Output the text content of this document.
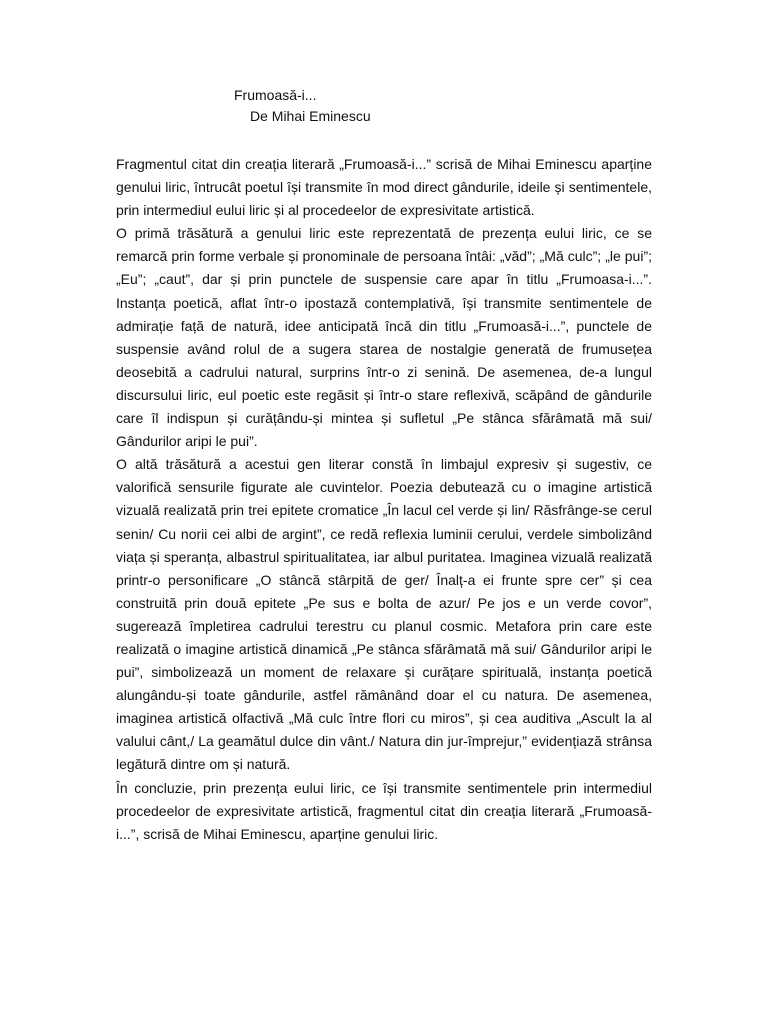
Frumoasă-i...
De Mihai Eminescu

Fragmentul citat din creația literară „Frumoasă-i...” scrisă de Mihai Eminescu aparține genului liric, întrucât poetul își transmite în mod direct gândurile, ideile și sentimentele, prin intermediul eului liric și al procedeelor de expresivitate artistică.

O primă trăsătură a genului liric este reprezentată de prezența eului liric, ce se remarcă prin forme verbale și pronominale de persoana întâi: „văd”; „Mă culc”; „le pui”; „Eu”; „caut”, dar și prin punctele de suspensie care apar în titlu „Frumoasa-i...”. Instanța poetică, aflat într-o ipostază contemplativă, își transmite sentimentele de admirație față de natură, idee anticipată încă din titlu „Frumoasă-i...”, punctele de suspensie având rolul de a sugera starea de nostalgie generată de frumusețea deosebită a cadrului natural, surprins într-o zi senină. De asemenea, de-a lungul discursului liric, eul poetic este regăsit și într-o stare reflexivă, scăpând de gândurile care îl indispun și curățându-și mintea și sufletul „Pe stânca sfărâmată mă sui/ Gândurilor aripi le pui”.

O altă trăsătură a acestui gen literar constă în limbajul expresiv și sugestiv, ce valorifică sensurile figurate ale cuvintelor. Poezia debutează cu o imagine artistică vizuală realizată prin trei epitete cromatice „În lacul cel verde și lin/ Răsfrânge-se cerul senin/ Cu norii cei albi de argint”, ce redă reflexia luminii cerului, verdele simbolizând viața și speranța, albastrul spiritualitatea, iar albul puritatea. Imaginea vizuală realizată printr-o personificare „O stâncă stârpită de ger/ Înalț-a ei frunte spre cer” și cea construită prin două epitete „Pe sus e bolta de azur/ Pe jos e un verde covor”, sugerează împletirea cadrului terestru cu planul cosmic. Metafora prin care este realizată o imagine artistică dinamică „Pe stânca sfărâmată mă sui/ Gândurilor aripi le pui”, simbolizează un moment de relaxare și curățare spirituală, instanța poetică alungându-și toate gândurile, astfel rămânând doar el cu natura. De asemenea, imaginea artistică olfactivă „Mă culc între flori cu miros”, și cea auditiva „Ascult la al valului cânt,/ La geamătul dulce din vânt./ Natura din jur-împrejur,” evidențiază strânsa legătură dintre om și natură.

În concluzie, prin prezența eului liric, ce își transmite sentimentele prin intermediul procedeelor de expresivitate artistică, fragmentul citat din creația literară „Frumoasă-i...”, scrisă de Mihai Eminescu, aparține genului liric.
